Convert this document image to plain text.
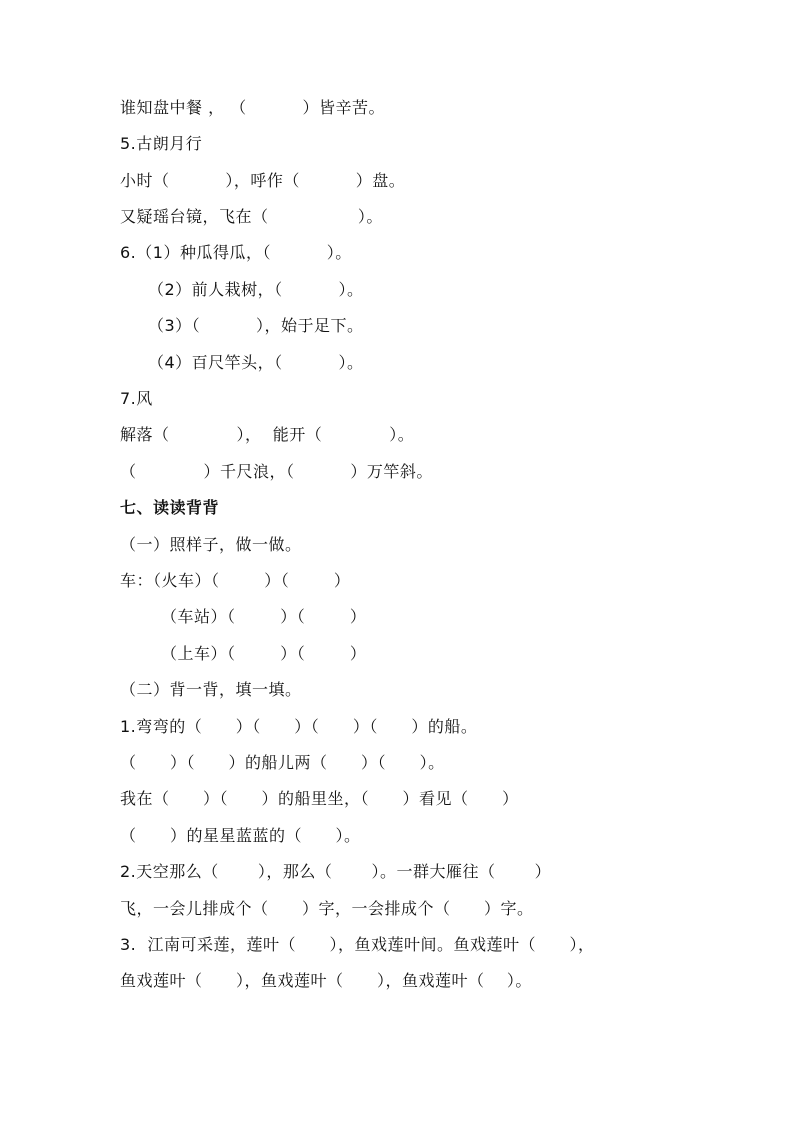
谁知盘中餐 ， （          ）皆辛苦。
5.古朗月行
小时（          ），呼作（          ）盘。
又疑瑶台镜，飞在（                ）。
6.（1）种瓜得瓜，（          ）。
（2）前人栽树，（          ）。
（3）（          ），始于足下。
（4）百尺竿头，（          ）。
7.风
解落（            ），  能开（            ）。
（            ）千尺浪，（          ）万竿斜。
七、读读背背
（一）照样子，做一做。
车：（火车）（        ）（        ）
（车站）（        ）（        ）
（上车）（        ）（        ）
（二）背一背，填一填。
1.弯弯的（      ）（      ）（      ）（      ）的船。
（      ）（      ）的船儿两（      ）（      ）。
我在（      ）（      ）的船里坐，（      ）看见（      ）
（      ）的星星蓝蓝的（      ）。
2.天空那么（       ），那么（       ）。一群大雁往（       ）
飞，一会儿排成个（      ）字，一会排成个（      ）字。
3.  江南可采莲，莲叶（      ），鱼戏莲叶间。鱼戏莲叶（      ），
鱼戏莲叶（      ），鱼戏莲叶（      ），鱼戏莲叶（    ）。
